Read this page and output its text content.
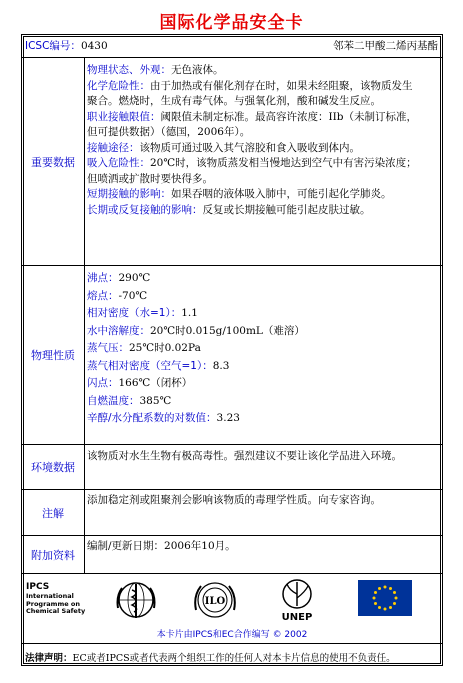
国际化学品安全卡
ICSC编号：0430	邻苯二甲酸二烯丙基酯
重要数据
物理状态、外观：无色液体。
化学危险性：由于加热或有催化剂存在时，如果未经阻聚，该物质发生
聚合。燃烧时，生成有毒气体。与强氧化剂，酸和碱发生反应。
职业接触限值：阈限值未制定标准。最高容许浓度：IIb（未制订标准，
但可提供数据）（德国，2006年）。
接触途径：该物质可通过吸入其气溶胶和食入吸收到体内。
吸入危险性：20℃时，该物质蒸发相当慢地达到空气中有害污染浓度；
但喷洒或扩散时要快得多。
短期接触的影响：如果吞咽的液体吸入肺中，可能引起化学肺炎。
长期或反复接触的影响：反复或长期接触可能引起皮肤过敏。
物理性质
沸点：290℃
熔点：-70℃
相对密度（水=1）：1.1
水中溶解度：20℃时0.015g/100mL（难溶）
蒸气压：25℃时0.02Pa
蒸气相对密度（空气=1）：8.3
闪点：166℃（闭杯）
自燃温度：385℃
辛醇/水分配系数的对数值：3.23
环境数据
该物质对水生生物有极高毒性。强烈建议不要让该化学品进入环境。
注解
添加稳定剂或阻聚剂会影响该物质的毒理学性质。向专家咨询。
附加资料
编制/更新日期：2006年10月。
IPCS
International
Programme on
Chemical Safety
ILO
UNEP
本卡片由IPCS和EC合作编写 © 2002
法律声明：EC或者IPCS或者代表两个组织工作的任何人对本卡片信息的使用不负责任。
